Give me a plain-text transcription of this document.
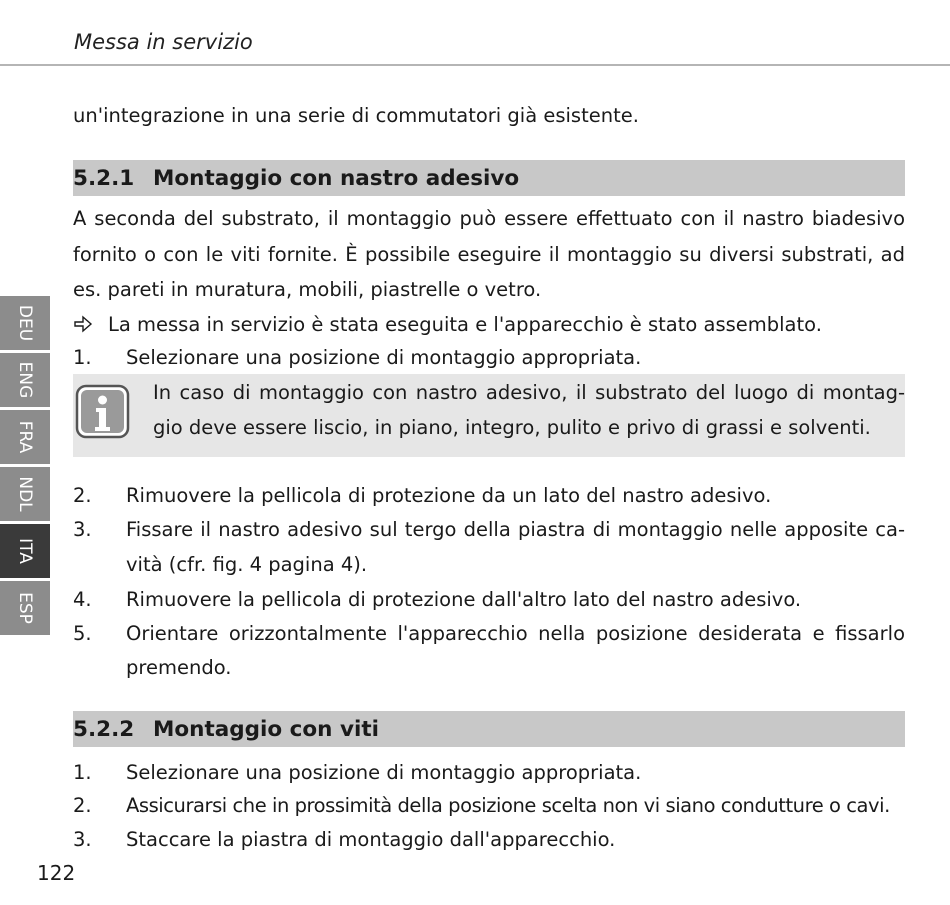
Messa in servizio
un'integrazione in una serie di commutatori già esistente.
5.2.1 Montaggio con nastro adesivo
A seconda del substrato, il montaggio può essere effettuato con il nastro biadesivo
fornito o con le viti fornite. È possibile eseguire il montaggio su diversi substrati, ad
es. pareti in muratura, mobili, piastrelle o vetro.
La messa in servizio è stata eseguita e l'apparecchio è stato assemblato.
1. Selezionare una posizione di montaggio appropriata.
In caso di montaggio con nastro adesivo, il substrato del luogo di montag-
gio deve essere liscio, in piano, integro, pulito e privo di grassi e solventi.
2. Rimuovere la pellicola di protezione da un lato del nastro adesivo.
3. Fissare il nastro adesivo sul tergo della piastra di montaggio nelle apposite ca-
vità (cfr. fig. 4 pagina 4).
4. Rimuovere la pellicola di protezione dall'altro lato del nastro adesivo.
5. Orientare orizzontalmente l'apparecchio nella posizione desiderata e fissarlo
premendo.
5.2.2 Montaggio con viti
1. Selezionare una posizione di montaggio appropriata.
2. Assicurarsi che in prossimità della posizione scelta non vi siano condutture o cavi.
3. Staccare la piastra di montaggio dall'apparecchio.
DEU
ENG
FRA
NDL
ITA
ESP
122
